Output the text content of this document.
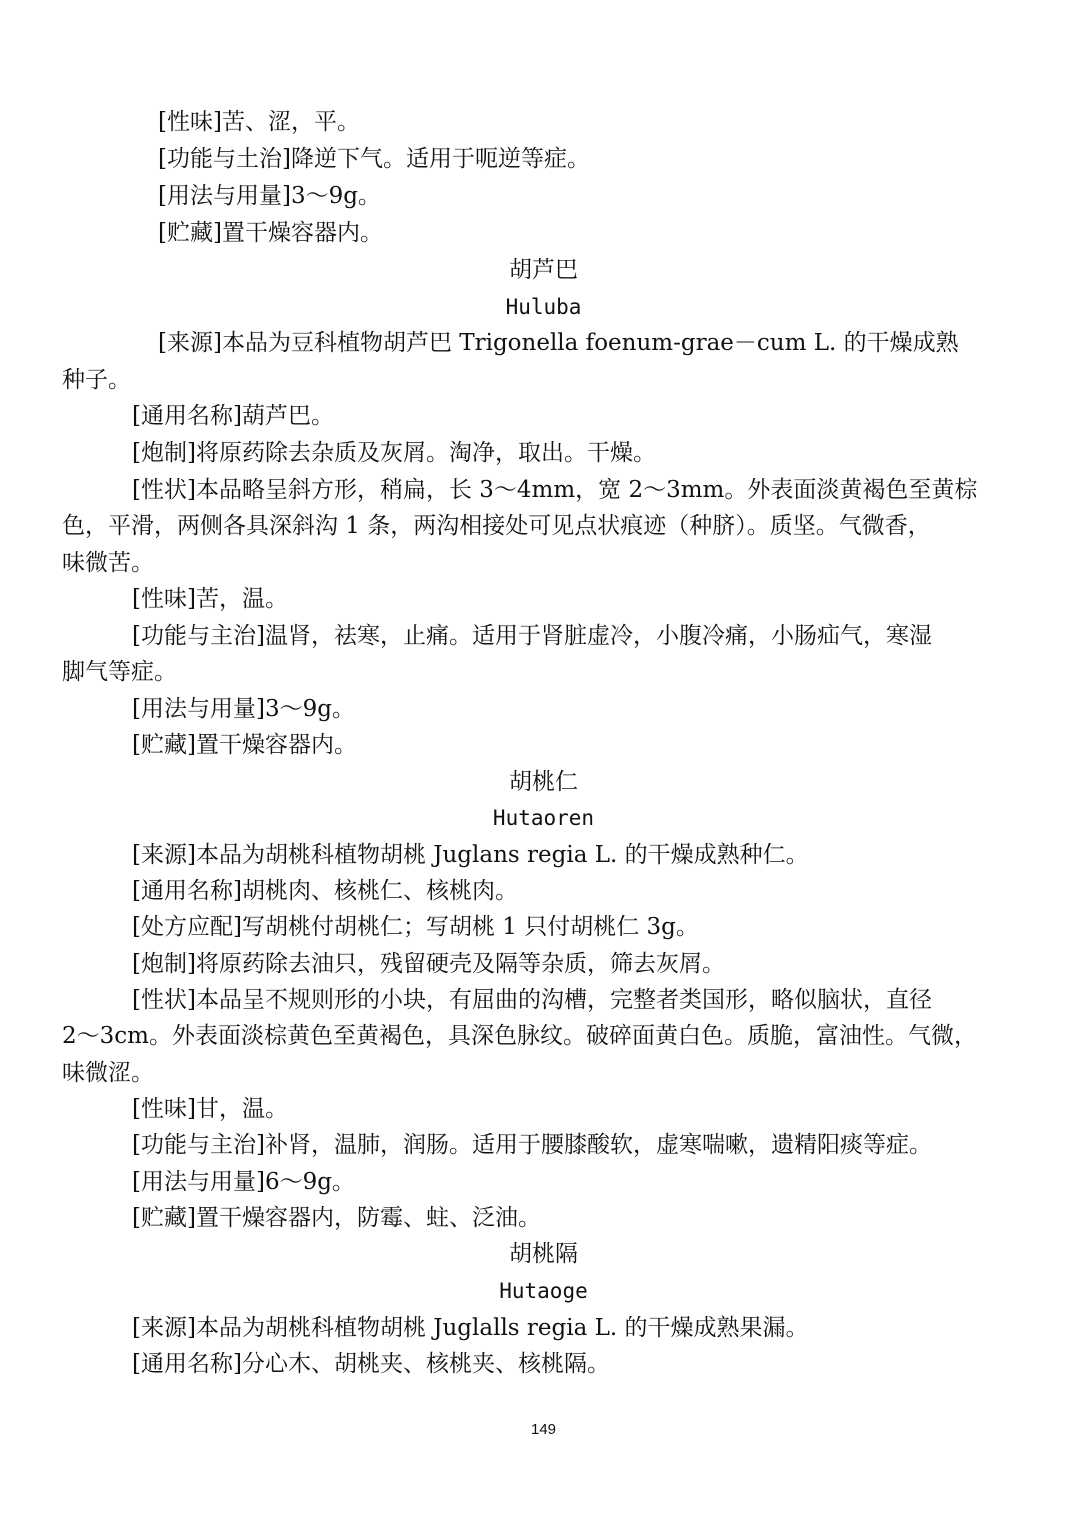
[性味]苦、涩，平。
[功能与土治]降逆下气。适用于呃逆等症。
[用法与用量]3～9g。
[贮藏]置干燥容器内。
胡芦巴
Huluba
[来源]本品为豆科植物胡芦巴 Trigonella foenum-grae－cum L. 的干燥成熟
种子。
[通用名称]葫芦巴。
[炮制]将原药除去杂质及灰屑。淘净，取出。干燥。
[性状]本品略呈斜方形，稍扁，长 3～4mm，宽 2～3mm。外表面淡黄褐色至黄棕
色，平滑，两侧各具深斜沟 1 条，两沟相接处可见点状痕迹（种脐）。质坚。气微香，
味微苦。
[性味]苦，温。
[功能与主治]温肾，祛寒，止痛。适用于肾脏虚冷，小腹冷痛，小肠疝气，寒湿
脚气等症。
[用法与用量]3～9g。
[贮藏]置干燥容器内。
胡桃仁
Hutaoren
[来源]本品为胡桃科植物胡桃 Juglans regia L. 的干燥成熟种仁。
[通用名称]胡桃肉、核桃仁、核桃肉。
[处方应配]写胡桃付胡桃仁；写胡桃 1 只付胡桃仁 3g。
[炮制]将原药除去油只，残留硬壳及隔等杂质，筛去灰屑。
[性状]本品呈不规则形的小块，有屈曲的沟槽，完整者类国形，略似脑状，直径
2～3cm。外表面淡棕黄色至黄褐色，具深色脉纹。破碎面黄白色。质脆，富油性。气微，
味微涩。
[性味]甘，温。
[功能与主治]补肾，温肺，润肠。适用于腰膝酸软，虚寒喘嗽，遗精阳痰等症。
[用法与用量]6～9g。
[贮藏]置干燥容器内，防霉、蛀、泛油。
胡桃隔
Hutaoge
[来源]本品为胡桃科植物胡桃 Juglalls regia L. 的干燥成熟果漏。
[通用名称]分心木、胡桃夹、核桃夹、核桃隔。
149
